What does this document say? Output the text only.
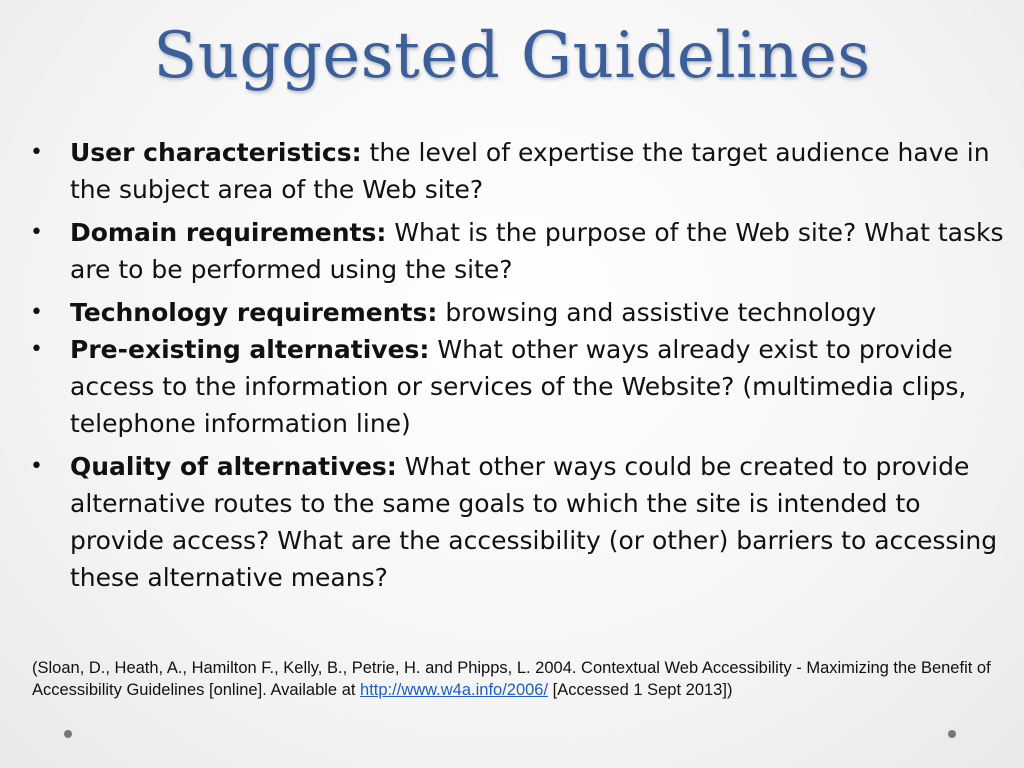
Suggested Guidelines
• User characteristics: the level of expertise the target audience have in the subject area of the Web site?
• Domain requirements: What is the purpose of the Web site? What tasks are to be performed using the site?
• Technology requirements: browsing and assistive technology
• Pre-existing alternatives: What other ways already exist to provide access to the information or services of the Website? (multimedia clips, telephone information line)
• Quality of alternatives: What other ways could be created to provide alternative routes to the same goals to which the site is intended to provide access? What are the accessibility (or other) barriers to accessing these alternative means?
(Sloan, D., Heath, A., Hamilton F., Kelly, B., Petrie, H. and Phipps, L. 2004. Contextual Web Accessibility - Maximizing the Benefit of Accessibility Guidelines [online]. Available at http://www.w4a.info/2006/ [Accessed 1 Sept 2013])
